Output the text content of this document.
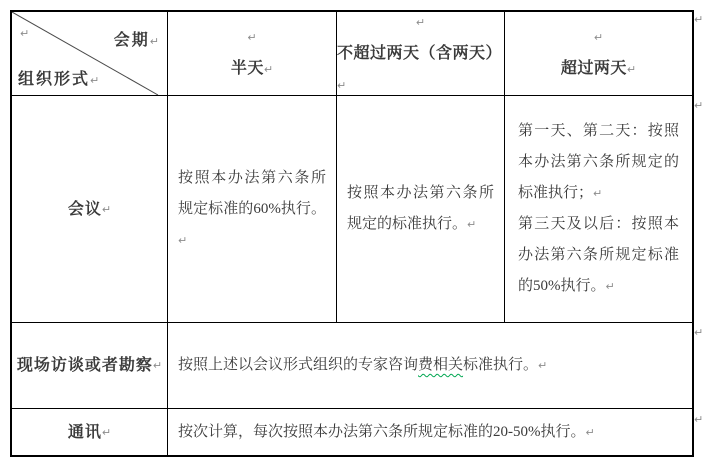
↵	会期↵
组织形式↵
↵
半天↵
↵
不超过两天（含两天）↵
↵
超过两天↵
会议 ↵
按照本办法第六条所规定标准的60%执行。↵
按照本办法第六条所规定的标准执行。↵

第一天、第二天：按照本办法第六条所规定的标准执行；↵

第三天及以后：按照本办法第六条所规定标准的50%执行。↵

现场访谈或者勘察 ↵ 按照上述以会议形式组织的专家咨询费相关标准执行。↵
通讯 ↵	按次计算，每次按照本办法第六条所规定标准的20-50%执行。↵
↵
↵
↵
↵
